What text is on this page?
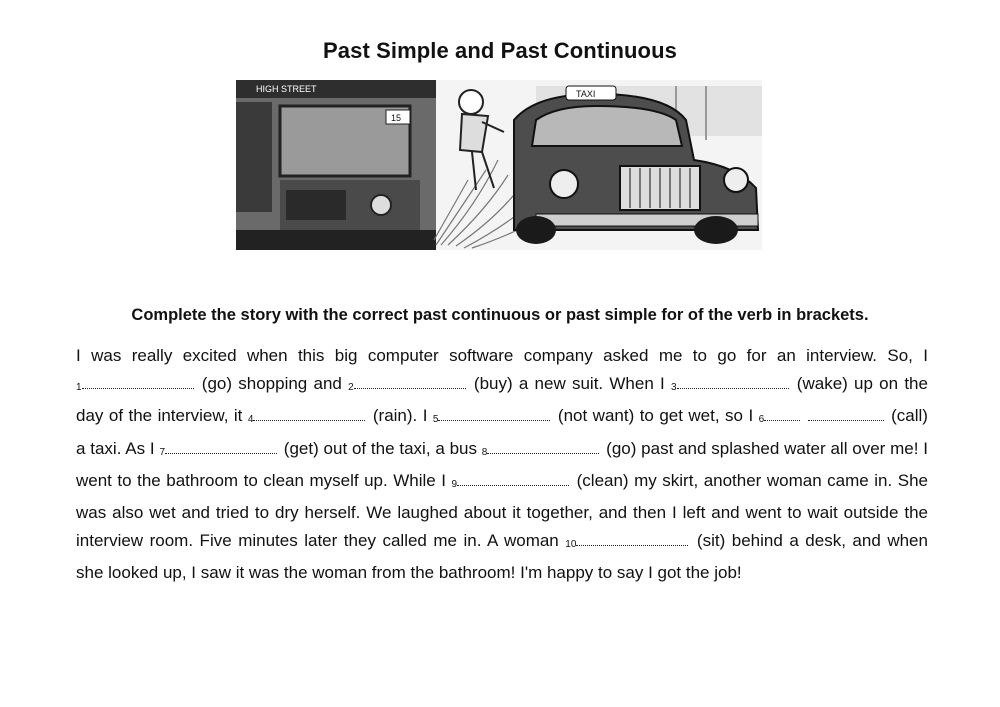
Past Simple and Past Continuous
HIGH STREET
15
TAXI
Complete the story with the correct past continuous or past simple for of the verb in brackets.
I was really excited when this big computer software company asked me to go for an interview. So, I 1	(go) shopping and 2	(buy) a new suit. When I 3	(wake) up on the day of the interview, it 4	(rain). I 5	(not want) to get wet, so I 6	(call) a taxi. As I 7	(get) out of the taxi, a bus 8	(go) past and splashed water all over me! I went to the bathroom to clean myself up. While I 9	(clean) my skirt, another woman came in. She was also wet and tried to dry herself. We laughed about it together, and then I left and went to wait outside the interview room. Five minutes later they called me in. A woman 10	(sit) behind a desk, and when she looked up, I saw it was the woman from the bathroom! I'm happy to say I got the job!
